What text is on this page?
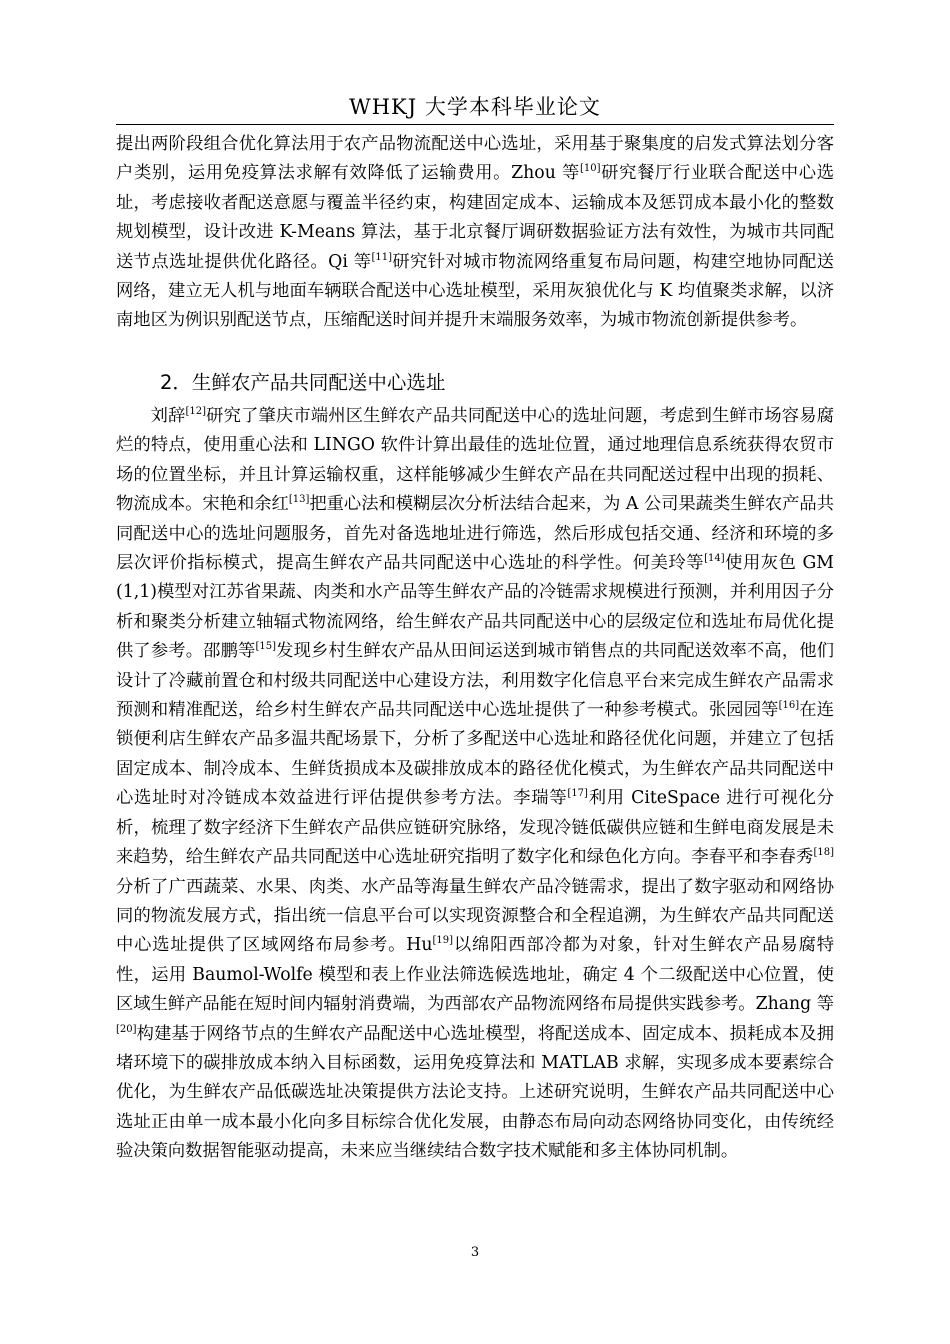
WHKJ 大学本科毕业论文

提出两阶段组合优化算法用于农产品物流配送中心选址，采用基于聚集度的启发式算法划分客户类别，运用免疫算法求解有效降低了运输费用。Zhou 等[10]研究餐厅行业联合配送中心选址，考虑接收者配送意愿与覆盖半径约束，构建固定成本、运输成本及惩罚成本最小化的整数规划模型，设计改进 K-Means 算法，基于北京餐厅调研数据验证方法有效性，为城市共同配送节点选址提供优化路径。Qi 等[11]研究针对城市物流网络重复布局问题，构建空地协同配送网络，建立无人机与地面车辆联合配送中心选址模型，采用灰狼优化与 K 均值聚类求解，以济南地区为例识别配送节点，压缩配送时间并提升末端服务效率，为城市物流创新提供参考。

2．生鲜农产品共同配送中心选址

刘辞[12]研究了肇庆市端州区生鲜农产品共同配送中心的选址问题，考虑到生鲜市场容易腐烂的特点，使用重心法和 LINGO 软件计算出最佳的选址位置，通过地理信息系统获得农贸市场的位置坐标，并且计算运输权重，这样能够减少生鲜农产品在共同配送过程中出现的损耗、物流成本。宋艳和余红[13]把重心法和模糊层次分析法结合起来，为 A 公司果蔬类生鲜农产品共同配送中心的选址问题服务，首先对备选地址进行筛选，然后形成包括交通、经济和环境的多层次评价指标模式，提高生鲜农产品共同配送中心选址的科学性。何美玲等[14]使用灰色 GM(1,1)模型对江苏省果蔬、肉类和水产品等生鲜农产品的冷链需求规模进行预测，并利用因子分析和聚类分析建立轴辐式物流网络，给生鲜农产品共同配送中心的层级定位和选址布局优化提供了参考。邵鹏等[15]发现乡村生鲜农产品从田间运送到城市销售点的共同配送效率不高，他们设计了冷藏前置仓和村级共同配送中心建设方法，利用数字化信息平台来完成生鲜农产品需求预测和精准配送，给乡村生鲜农产品共同配送中心选址提供了一种参考模式。张园园等[16]在连锁便利店生鲜农产品多温共配场景下，分析了多配送中心选址和路径优化问题，并建立了包括固定成本、制冷成本、生鲜货损成本及碳排放成本的路径优化模式，为生鲜农产品共同配送中心选址时对冷链成本效益进行评估提供参考方法。李瑞等[17]利用 CiteSpace 进行可视化分析，梳理了数字经济下生鲜农产品供应链研究脉络，发现冷链低碳供应链和生鲜电商发展是未来趋势，给生鲜农产品共同配送中心选址研究指明了数字化和绿色化方向。李春平和李春秀[18]分析了广西蔬菜、水果、肉类、水产品等海量生鲜农产品冷链需求，提出了数字驱动和网络协同的物流发展方式，指出统一信息平台可以实现资源整合和全程追溯，为生鲜农产品共同配送中心选址提供了区域网络布局参考。Hu[19]以绵阳西部冷都为对象，针对生鲜农产品易腐特性，运用 Baumol-Wolfe 模型和表上作业法筛选候选地址，确定 4 个二级配送中心位置，使区域生鲜产品能在短时间内辐射消费端，为西部农产品物流网络布局提供实践参考。Zhang 等[20]构建基于网络节点的生鲜农产品配送中心选址模型，将配送成本、固定成本、损耗成本及拥堵环境下的碳排放成本纳入目标函数，运用免疫算法和 MATLAB 求解，实现多成本要素综合优化，为生鲜农产品低碳选址决策提供方法论支持。上述研究说明，生鲜农产品共同配送中心选址正由单一成本最小化向多目标综合优化发展，由静态布局向动态网络协同变化，由传统经验决策向数据智能驱动提高，未来应当继续结合数字技术赋能和多主体协同机制。

3
